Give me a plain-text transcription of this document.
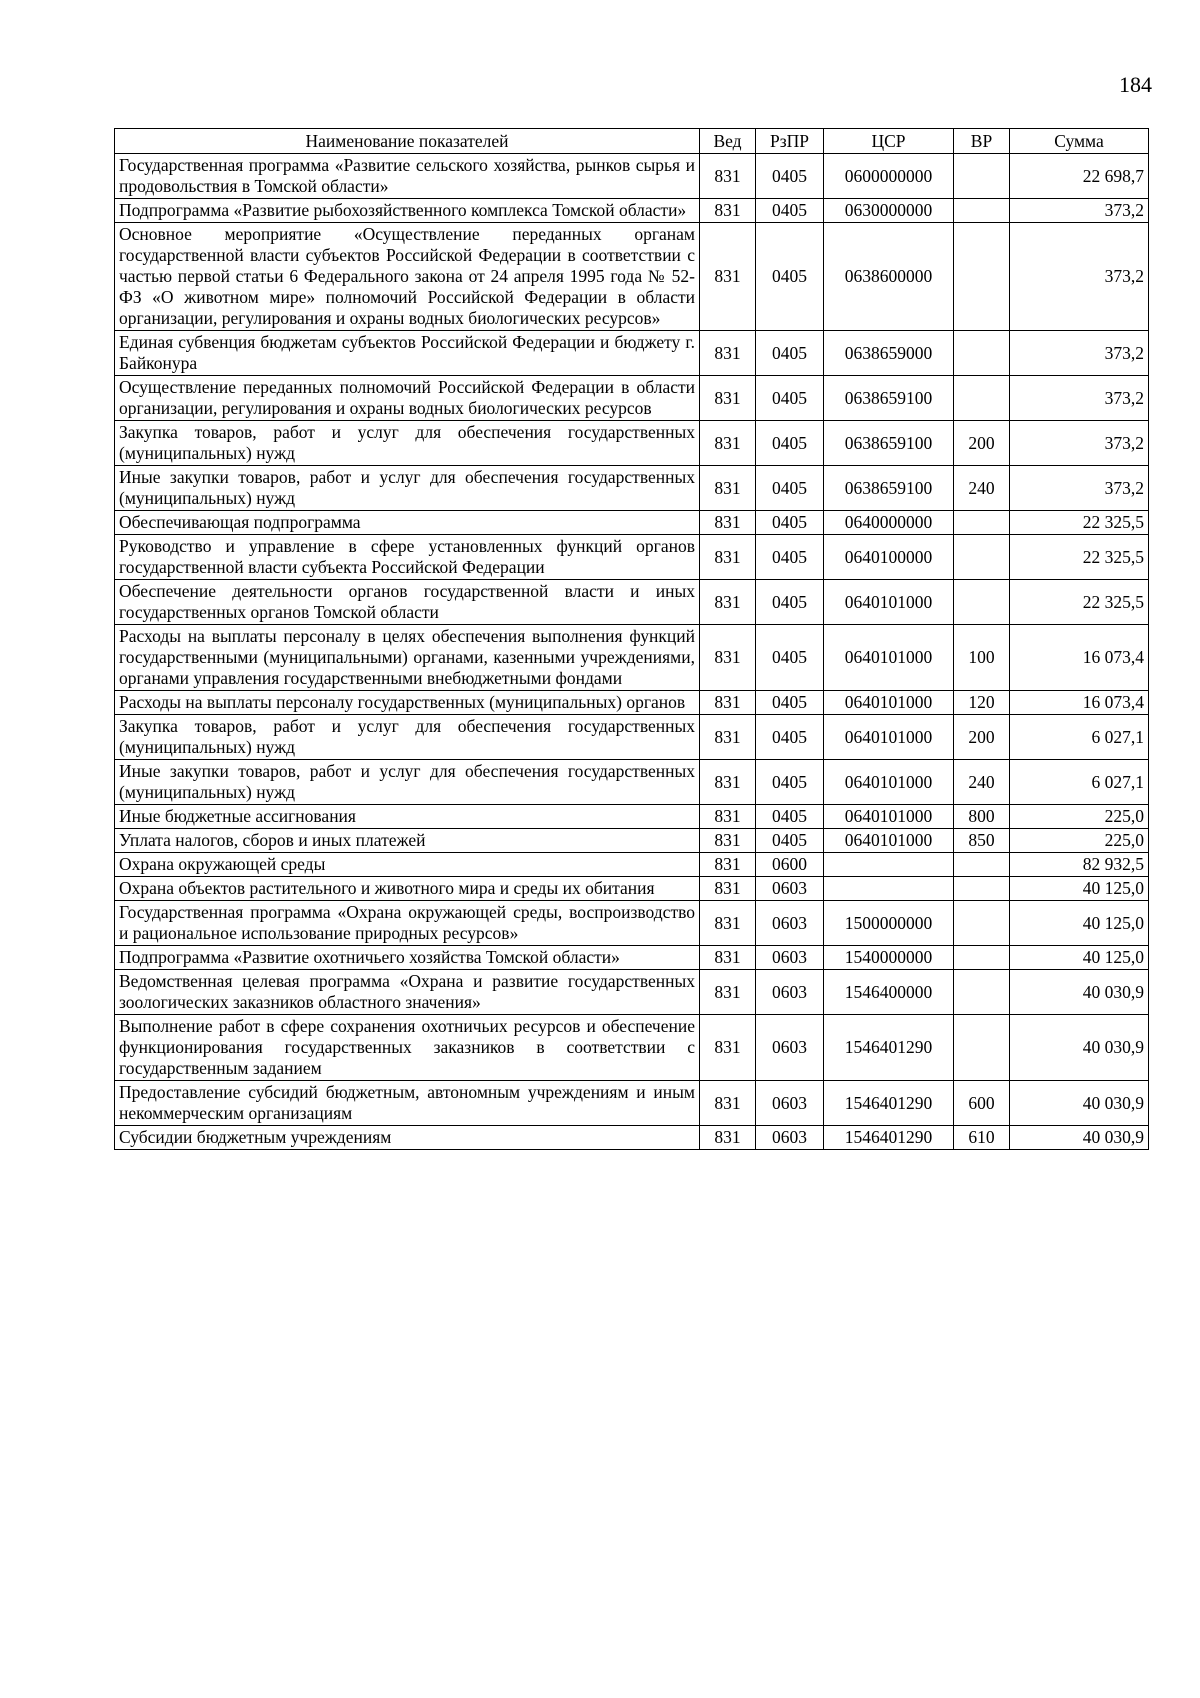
184
Наименование показателей	Вед	РзПР	ЦСР	ВР	Сумма
Государственная программа «Развитие сельского хозяйства, рынков сырья и продовольствия в Томской области»	831	0405	0600000000		22 698,7
Подпрограмма «Развитие рыбохозяйственного комплекса Томской области»	831	0405	0630000000		373,2
Основное мероприятие «Осуществление переданных органам государственной власти субъектов Российской Федерации в соответствии с частью первой статьи 6 Федерального закона от 24 апреля 1995 года № 52-ФЗ «О животном мире» полномочий Российской Федерации в области организации, регулирования и охраны водных биологических ресурсов»	831	0405	0638600000		373,2
Единая субвенция бюджетам субъектов Российской Федерации и бюджету г. Байконура	831	0405	0638659000		373,2
Осуществление переданных полномочий Российской Федерации в области организации, регулирования и охраны водных биологических ресурсов	831	0405	0638659100		373,2
Закупка товаров, работ и услуг для обеспечения государственных (муниципальных) нужд	831	0405	0638659100	200	373,2
Иные закупки товаров, работ и услуг для обеспечения государственных (муниципальных) нужд	831	0405	0638659100	240	373,2
Обеспечивающая подпрограмма	831	0405	0640000000		22 325,5
Руководство и управление в сфере установленных функций органов государственной власти субъекта Российской Федерации	831	0405	0640100000		22 325,5
Обеспечение деятельности органов государственной власти и иных государственных органов Томской области	831	0405	0640101000		22 325,5
Расходы на выплаты персоналу в целях обеспечения выполнения функций государственными (муниципальными) органами, казенными учреждениями, органами управления государственными внебюджетными фондами	831	0405	0640101000	100	16 073,4
Расходы на выплаты персоналу государственных (муниципальных) органов	831	0405	0640101000	120	16 073,4
Закупка товаров, работ и услуг для обеспечения государственных (муниципальных) нужд	831	0405	0640101000	200	6 027,1
Иные закупки товаров, работ и услуг для обеспечения государственных (муниципальных) нужд	831	0405	0640101000	240	6 027,1
Иные бюджетные ассигнования	831	0405	0640101000	800	225,0
Уплата налогов, сборов и иных платежей	831	0405	0640101000	850	225,0
Охрана окружающей среды	831	0600			82 932,5
Охрана объектов растительного и животного мира и среды их обитания	831	0603			40 125,0
Государственная программа «Охрана окружающей среды, воспроизводство и рациональное использование природных ресурсов»	831	0603	1500000000		40 125,0
Подпрограмма «Развитие охотничьего хозяйства Томской области»	831	0603	1540000000		40 125,0
Ведомственная целевая программа «Охрана и развитие государственных зоологических заказников областного значения»	831	0603	1546400000		40 030,9
Выполнение работ в сфере сохранения охотничьих ресурсов и обеспечение функционирования государственных заказников в соответствии с государственным заданием	831	0603	1546401290		40 030,9
Предоставление субсидий бюджетным, автономным учреждениям и иным некоммерческим организациям	831	0603	1546401290	600	40 030,9
Субсидии бюджетным учреждениям	831	0603	1546401290	610	40 030,9
